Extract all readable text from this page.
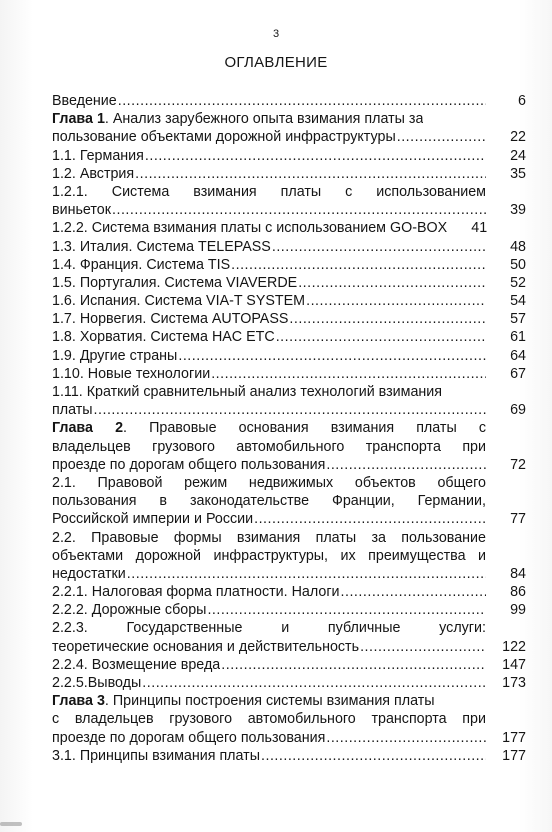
3
ОГЛАВЛЕНИЕ
Введение .....	6
Глава 1. Анализ зарубежного опыта взимания платы за
пользование объектами дорожной инфраструктуры .....	22
1.1. Германия .....	24
1.2. Австрия .....	35
1.2.1. Система взимания платы с использованием
виньеток .....	39
1.2.2. Система взимания платы с использованием GO-BOX	41
1.3. Италия. Система TELEPASS .....	48
1.4. Франция. Система TIS .....	50
1.5. Португалия. Система VIAVERDE .....	52
1.6. Испания. Система VIA-T SYSTEM .....	54
1.7. Норвегия. Система AUTOPASS .....	57
1.8. Хорватия. Система HAC ETC .....	61
1.9. Другие страны .....	64
1.10. Новые технологии .....	67
1.11. Краткий сравнительный анализ технологий взимания
платы .....	69
Глава 2. Правовые основания взимания платы с
владельцев грузового автомобильного транспорта при
проезде по дорогам общего пользования .....	72
2.1. Правовой режим недвижимых объектов общего
пользования в законодательстве Франции, Германии,
Российской империи и России .....	77
2.2. Правовые формы взимания платы за пользование
объектами дорожной инфраструктуры, их преимущества и
недостатки .....	84
2.2.1. Налоговая форма платности. Налоги .....	86
2.2.2. Дорожные сборы .....	99
2.2.3. Государственные и публичные услуги:
теоретические основания и действительность .....	122
2.2.4. Возмещение вреда .....	147
2.2.5.Выводы .....	173
Глава 3. Принципы построения системы взимания платы
с владельцев грузового автомобильного транспорта при
проезде по дорогам общего пользования .....	177
3.1. Принципы взимания платы .....	177
